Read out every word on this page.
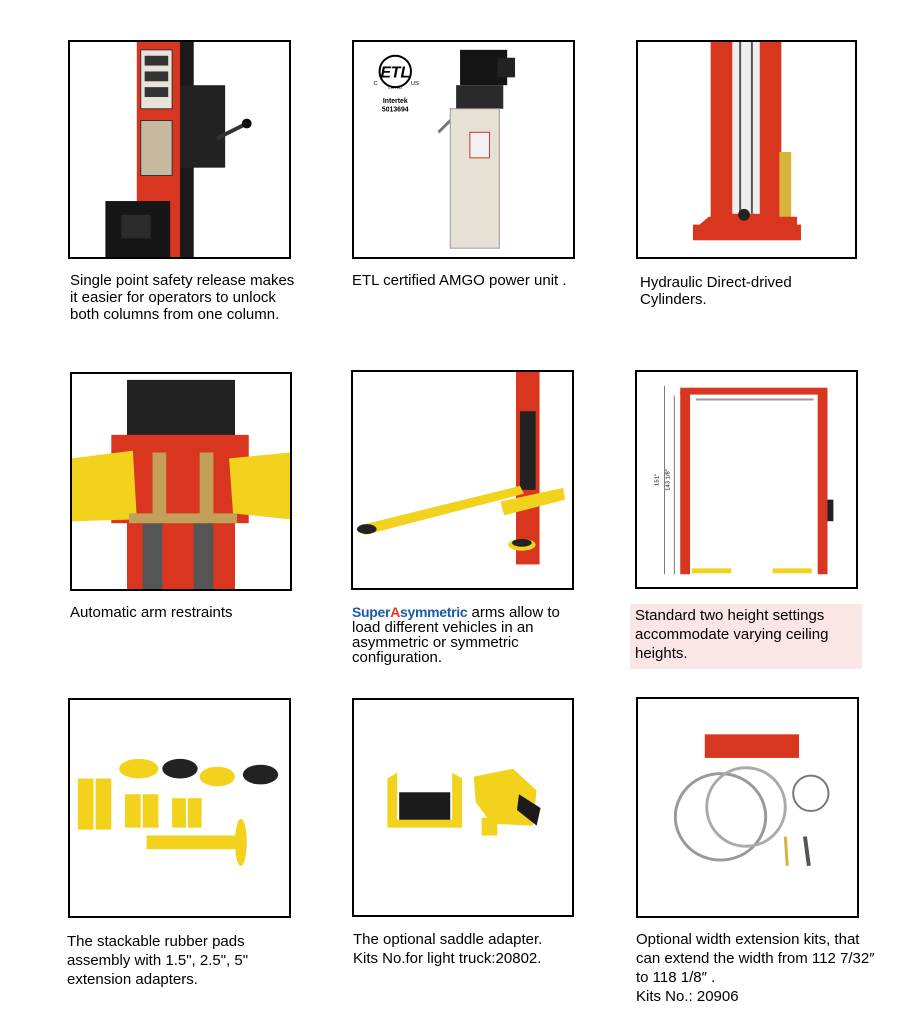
ETL
C	US
LISTED
Intertek
5013694
Single point safety release makes it easier for operators to unlock both columns from one column.
ETL certified AMGO power unit .	Hydraulic Direct-drived Cylinders.
151" 143 1/8"
Automatic arm restraints	SuperAsymmetric arms allow to load different vehicles in an asymmetric or symmetric configuration.
Standard two height settings accommodate varying ceiling heights.
The stackable rubber pads assembly with 1.5", 2.5", 5" extension adapters.
The optional saddle adapter.
Kits No.for light truck:20802.
Optional width extension kits, that can extend the width from 112 7/32″ to 118 1/8″ .
Kits No.: 20906
